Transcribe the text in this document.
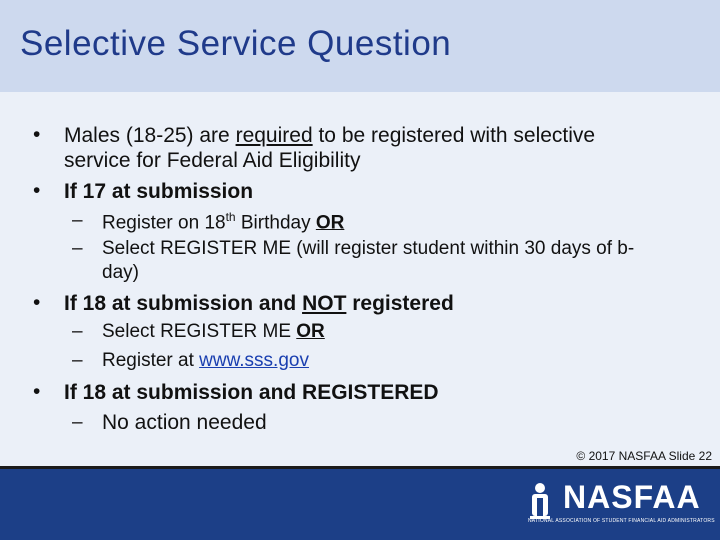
Selective Service Question
• Males (18-25) are required to be registered with selective
service for Federal Aid Eligibility
• If 17 at submission
– Register on 18th Birthday OR
– Select REGISTER ME (will register student within 30 days of b-
day)
• If 18 at submission and NOT registered
– Select REGISTER ME OR
– Register at www.sss.gov
• If 18 at submission and REGISTERED
– No action needed
© 2017 NASFAA Slide 22
NASFAA
NATIONAL ASSOCIATION OF STUDENT FINANCIAL AID ADMINISTRATORS
